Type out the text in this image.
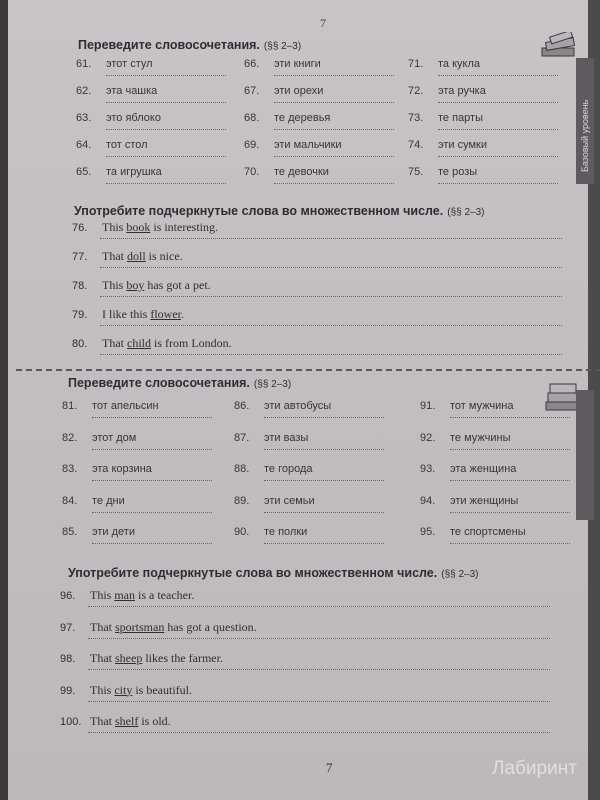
7
Переведите словосочетания. (§§ 2–3)
61. этот стул
62. эта чашка
63. это яблоко
64. тот стол
65. та игрушка
66. эти книги
67. эти орехи
68. те деревья
69. эти мальчики
70. те девочки
71. та кукла
72. эта ручка
73. те парты
74. эти сумки
75. те розы	Базовый уровень
Употребите подчеркнутые слова во множественном числе. (§§ 2–3)
76. This book is interesting.
77. That doll is nice.
78. This boy has got a pet.
79. I like this flower.
80. That child is from London.
Переведите словосочетания. (§§ 2–3)
81. тот апельсин
82. этот дом
83. эта корзина
84. те дни
85. эти дети
86. эти автобусы
87. эти вазы
88. те города
89. эти семьи
90. те полки
91. тот мужчина
92. те мужчины
93. эта женщина
94. эти женщины
95. те спортсмены
Употребите подчеркнутые слова во множественном числе. (§§ 2–3)
96. This man is a teacher.
97. That sportsman has got a question.
98. That sheep likes the farmer.
99. This city is beautiful.
100. That shelf is old.
7	Лабиринт
